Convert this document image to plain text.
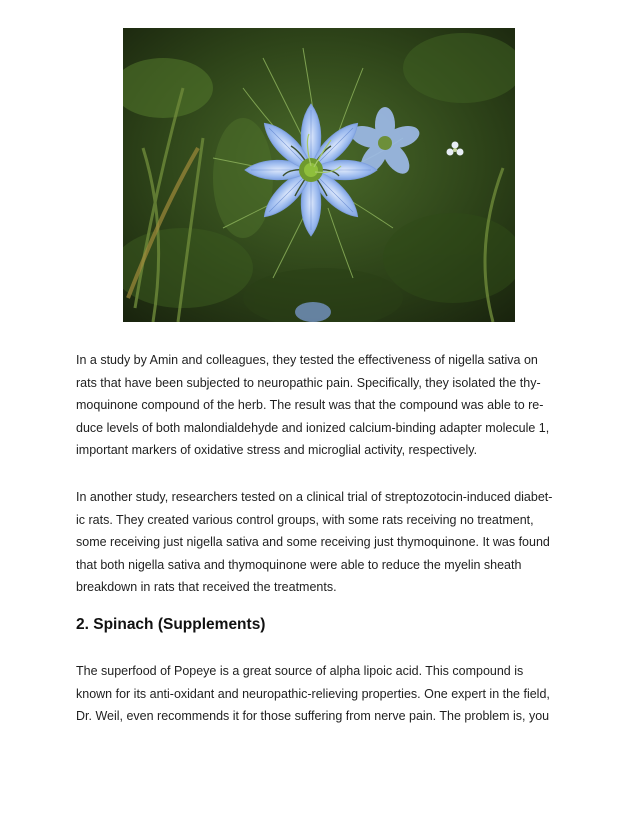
In a study by Amin and colleagues, they tested the effectiveness of nigella sativa on
rats that have been subjected to neuropathic pain. Specifically, they isolated the thy-
moquinone compound of the herb. The result was that the compound was able to re-
duce levels of both malondialdehyde and ionized calcium-binding adapter molecule 1,
important markers of oxidative stress and microglial activity, respectively.
In another study, researchers tested on a clinical trial of streptozotocin-induced diabet-
ic rats. They created various control groups, with some rats receiving no treatment,
some receiving just nigella sativa and some receiving just thymoquinone. It was found
that both nigella sativa and thymoquinone were able to reduce the myelin sheath
breakdown in rats that received the treatments.
2. Spinach (Supplements)
The superfood of Popeye is a great source of alpha lipoic acid. This compound is
known for its anti-oxidant and neuropathic-relieving properties. One expert in the field,
Dr. Weil, even recommends it for those suffering from nerve pain. The problem is, you
